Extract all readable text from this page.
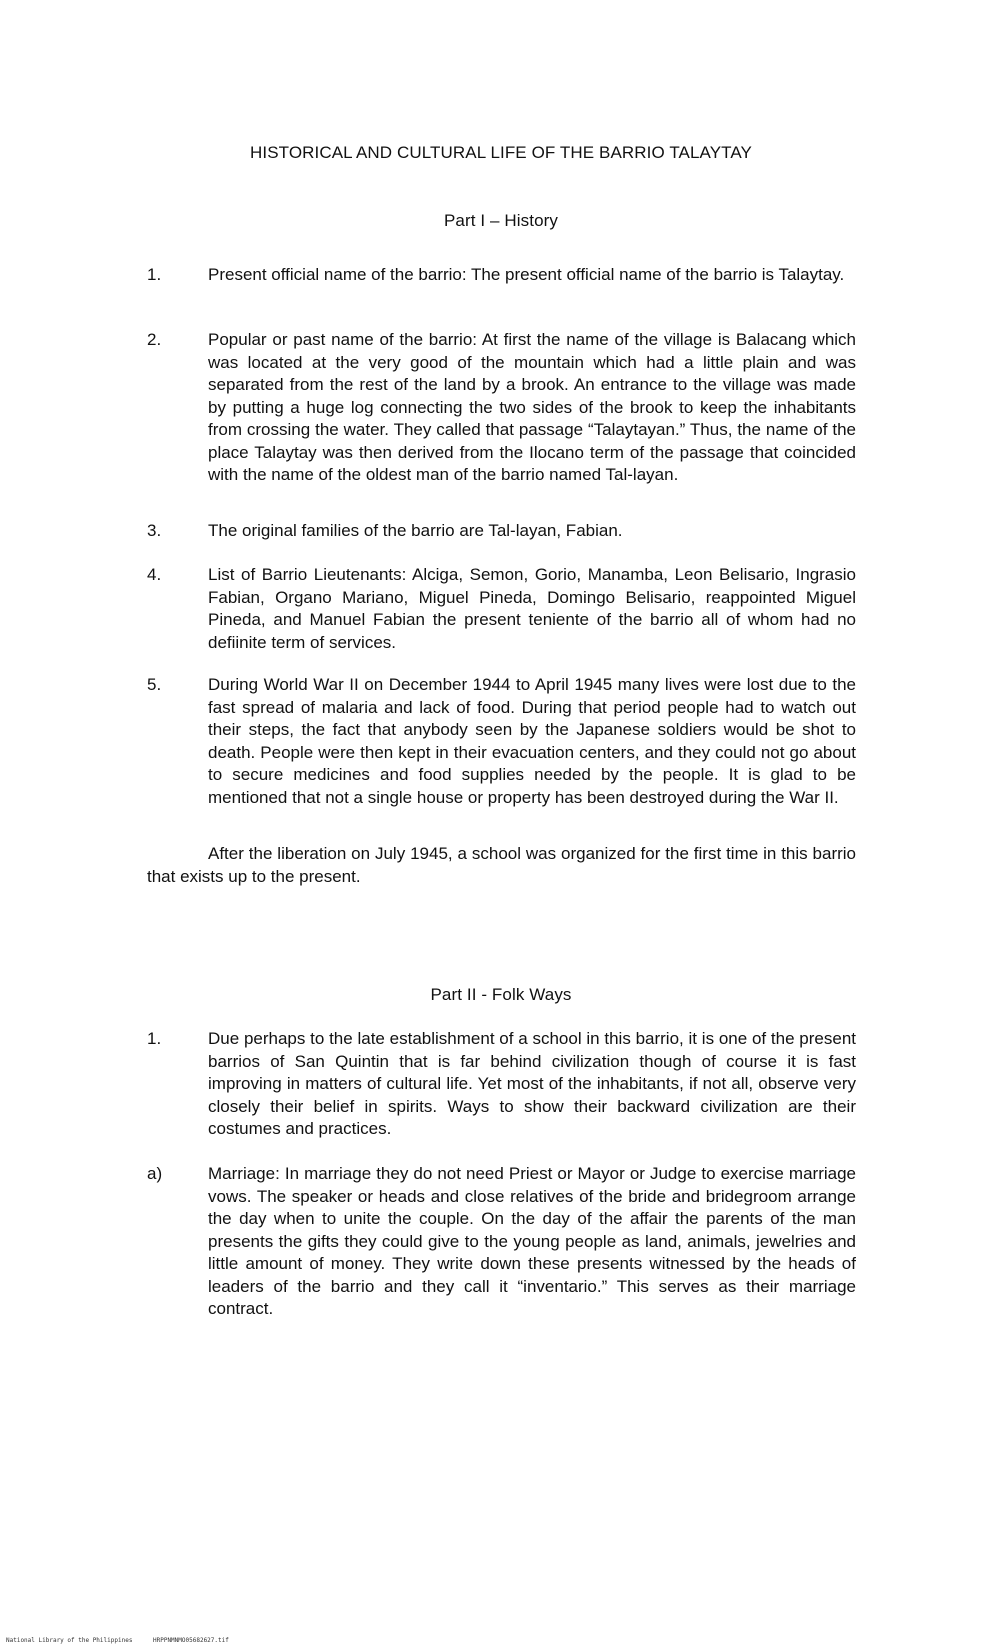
HISTORICAL AND CULTURAL LIFE OF THE BARRIO TALAYTAY
Part I – History
1.	Present official name of the barrio: The present official name of the barrio is Talaytay.
2.	Popular or past name of the barrio: At first the name of the village is Balacang which was located at the very good of the mountain which had a little plain and was separated from the rest of the land by a brook. An entrance to the village was made by putting a huge log connecting the two sides of the brook to keep the inhabitants from crossing the water. They called that passage “Talaytayan.” Thus, the name of the place Talaytay was then derived from the Ilocano term of the passage that coincided with the name of the oldest man of the barrio named Tal-layan.
3.	The original families of the barrio are Tal-layan, Fabian.
4.	List of Barrio Lieutenants: Alciga, Semon, Gorio, Manamba, Leon Belisario, Ingrasio Fabian, Organo Mariano, Miguel Pineda, Domingo Belisario, reappointed Miguel Pineda, and Manuel Fabian the present teniente of the barrio all of whom had no defiinite term of services.
5.	During World War II on December 1944 to April 1945 many lives were lost due to the fast spread of malaria and lack of food. During that period people had to watch out their steps, the fact that anybody seen by the Japanese soldiers would be shot to death. People were then kept in their evacuation centers, and they could not go about to secure medicines and food supplies needed by the people. It is glad to be mentioned that not a single house or property has been destroyed during the War II.
After the liberation on July 1945, a school was organized for the first time in this barrio that exists up to the present.
Part II - Folk Ways
1.	Due perhaps to the late establishment of a school in this barrio, it is one of the present barrios of San Quintin that is far behind civilization though of course it is fast improving in matters of cultural life. Yet most of the inhabitants, if not all, observe very closely their belief in spirits. Ways to show their backward civilization are their costumes and practices.
a)	Marriage: In marriage they do not need Priest or Mayor or Judge to exercise marriage vows. The speaker or heads and close relatives of the bride and bridegroom arrange the day when to unite the couple. On the day of the affair the parents of the man presents the gifts they could give to the young people as land, animals, jewelries and little amount of money. They write down these presents witnessed by the heads of leaders of the barrio and they call it “inventario.” This serves as their marriage contract.
National Library of the Philippines	HRPPNMNMO05682627.tif
